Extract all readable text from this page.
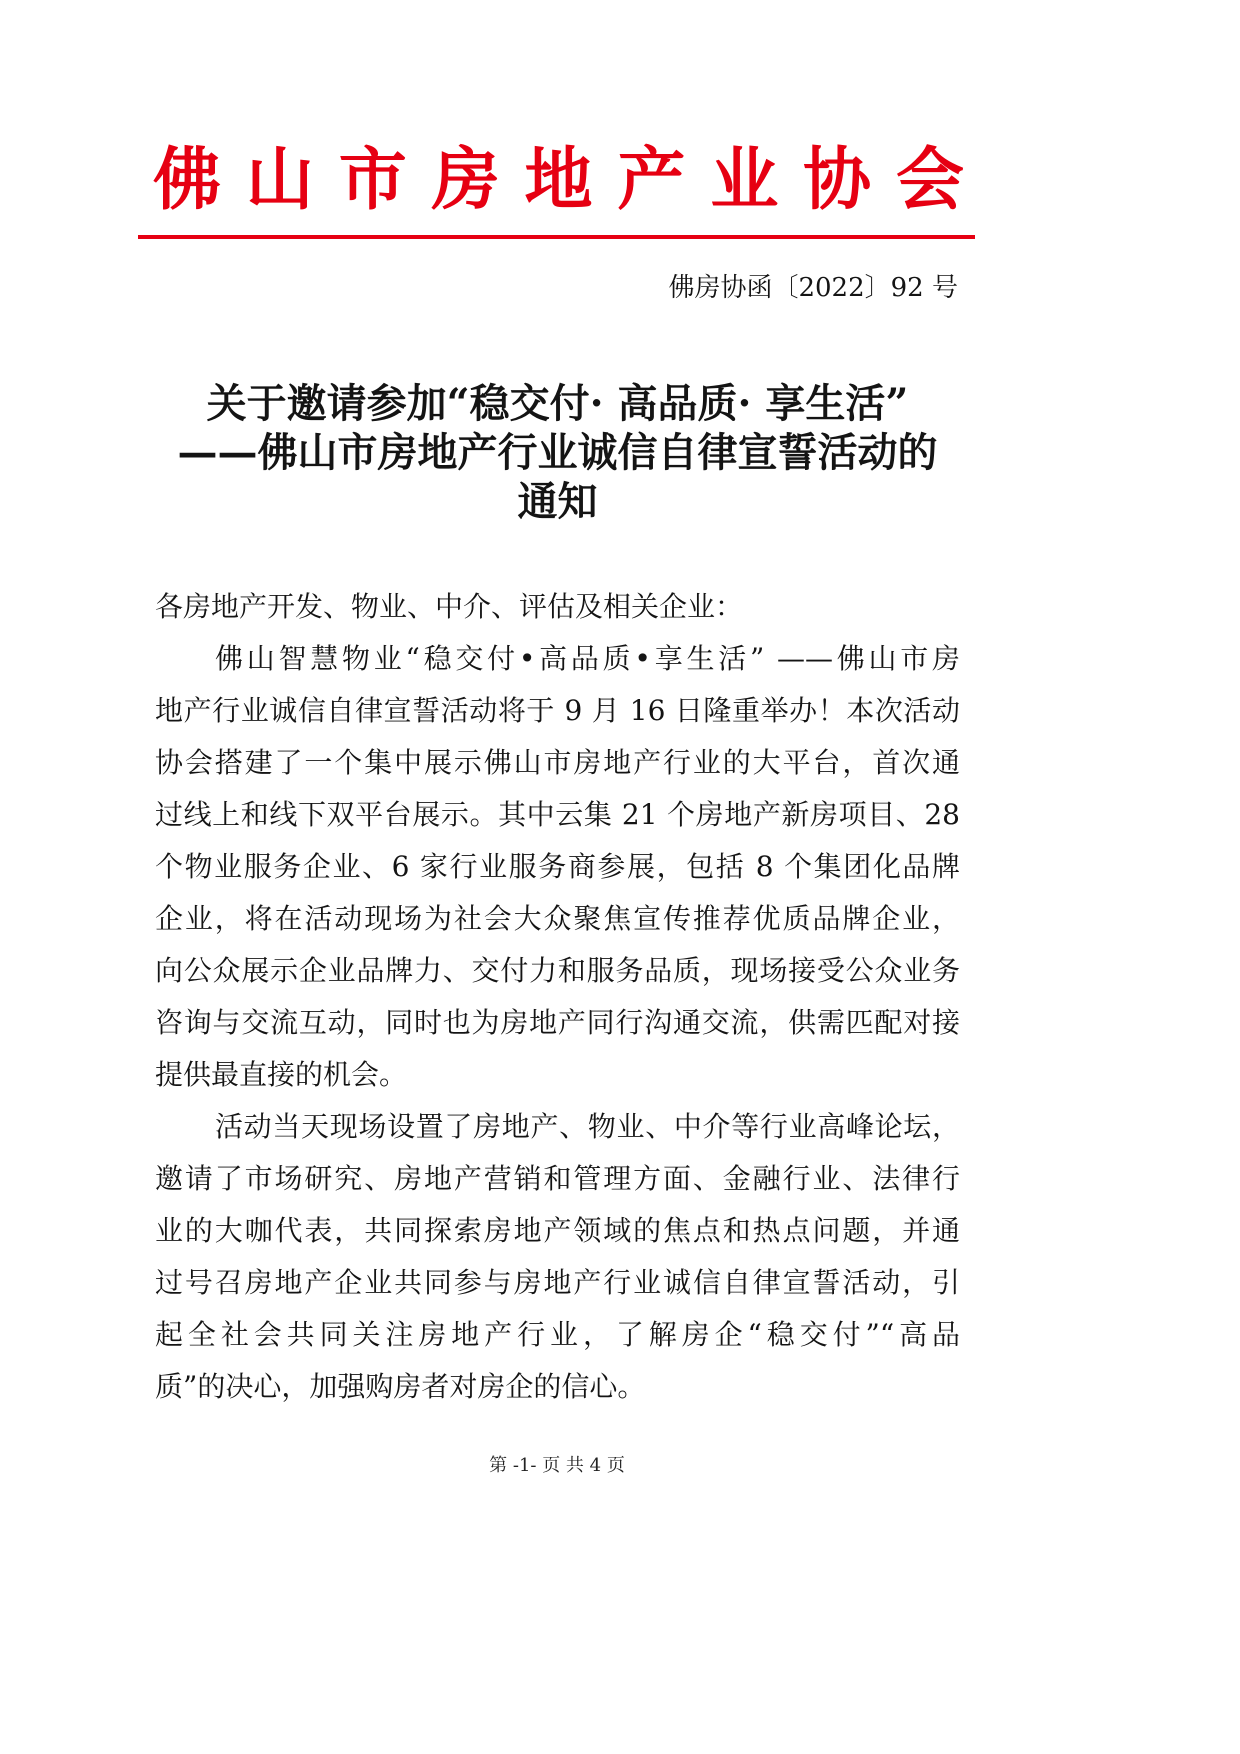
佛山市房地产业协会
佛房协函〔2022〕92 号
关于邀请参加“稳交付· 高品质· 享生活”
——佛山市房地产行业诚信自律宣誓活动的
通知
各房地产开发、物业、中介、评估及相关企业：
佛山智慧物业“稳交付•高品质•享生活” ——佛山市房
地产行业诚信自律宣誓活动将于 9 月 16 日隆重举办！本次活动
协会搭建了一个集中展示佛山市房地产行业的大平台，首次通
过线上和线下双平台展示。其中云集 21 个房地产新房项目、28
个物业服务企业、6 家行业服务商参展，包括 8 个集团化品牌
企业，将在活动现场为社会大众聚焦宣传推荐优质品牌企业，
向公众展示企业品牌力、交付力和服务品质，现场接受公众业务
咨询与交流互动，同时也为房地产同行沟通交流，供需匹配对接
提供最直接的机会。
活动当天现场设置了房地产、物业、中介等行业高峰论坛，
邀请了市场研究、房地产营销和管理方面、金融行业、法律行
业的大咖代表，共同探索房地产领域的焦点和热点问题，并通
过号召房地产企业共同参与房地产行业诚信自律宣誓活动，引
起全社会共同关注房地产行业，了解房企“稳交付”“高品
质”的决心，加强购房者对房企的信心。
第 -1- 页 共 4 页
